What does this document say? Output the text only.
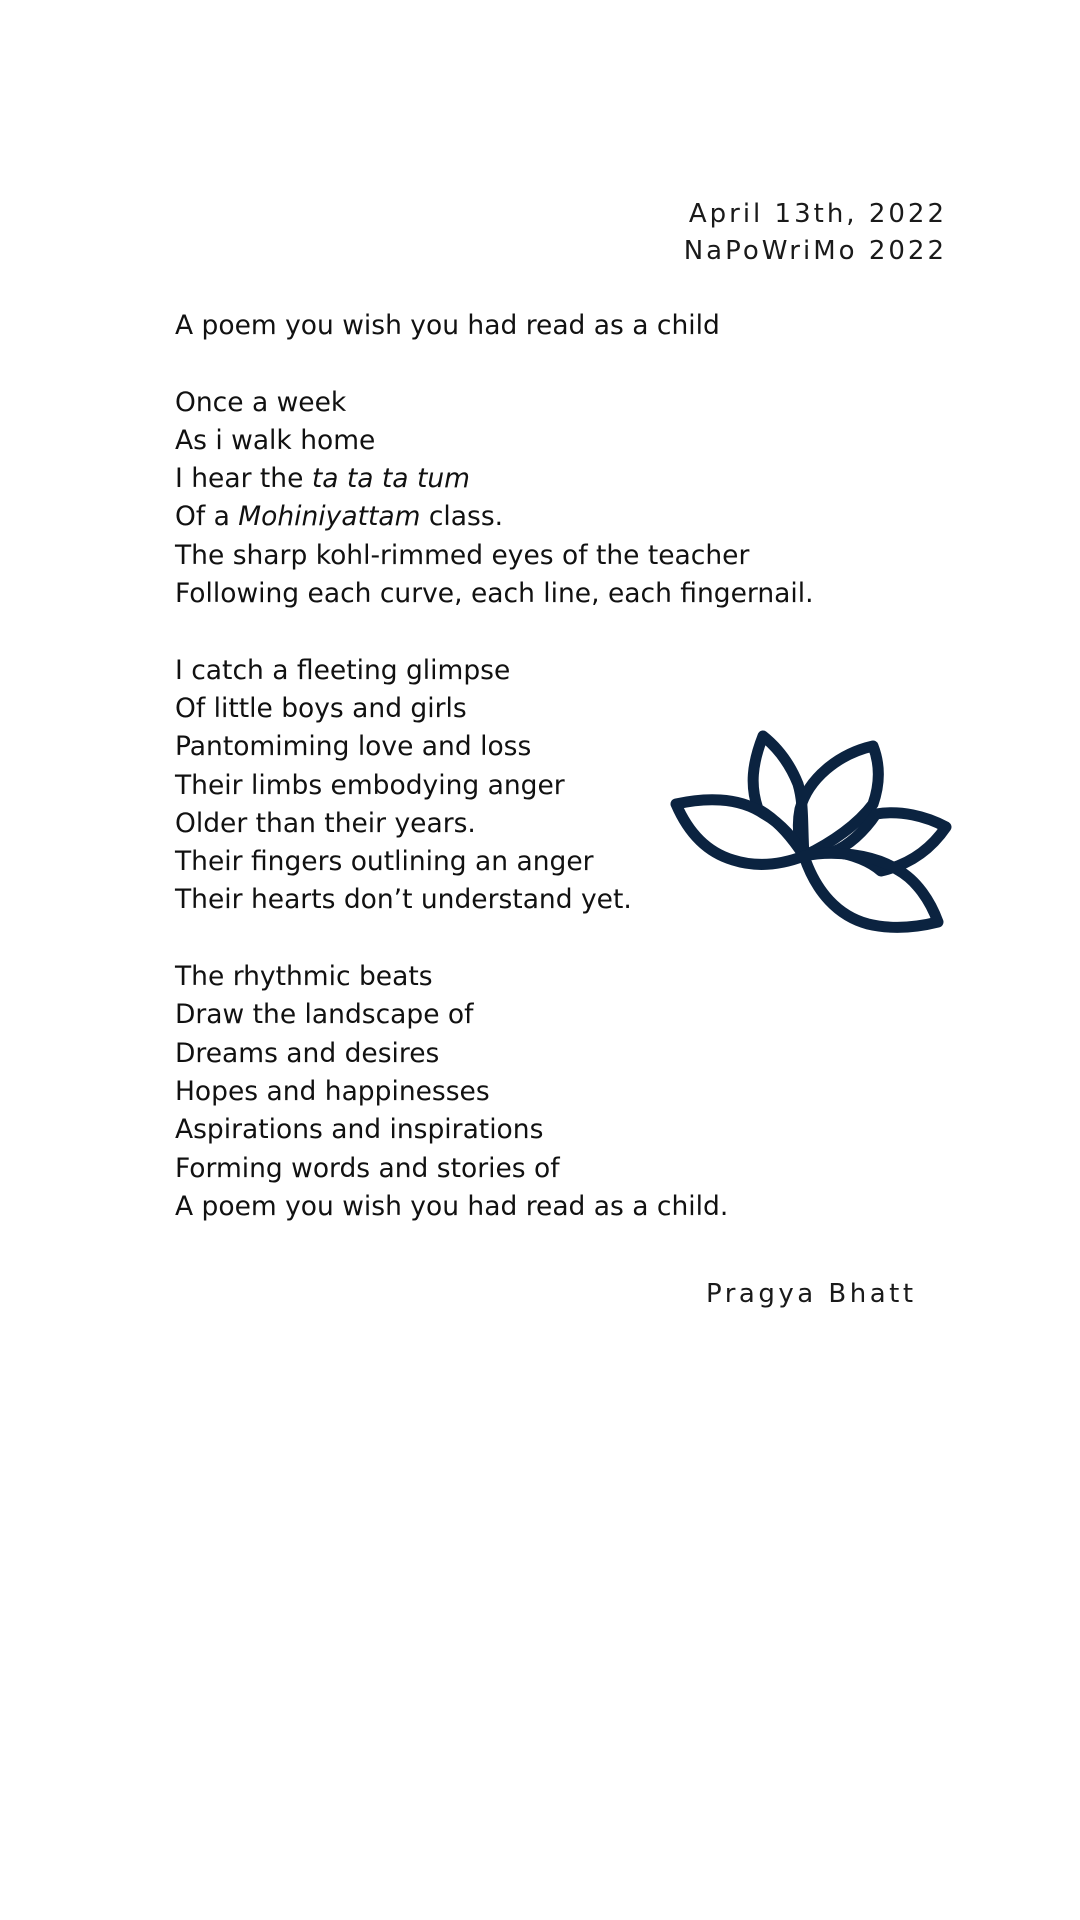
April 13th, 2022
NaPoWriMo 2022
A poem you wish you had read as a child
Once a week
As i walk home
I hear the ta ta ta tum
Of a Mohiniyattam class.
The sharp kohl-rimmed eyes of the teacher
Following each curve, each line, each fingernail.
I catch a fleeting glimpse
Of little boys and girls
Pantomiming love and loss
Their limbs embodying anger
Older than their years.
Their fingers outlining an anger
Their hearts don’t understand yet.
The rhythmic beats
Draw the landscape of
Dreams and desires
Hopes and happinesses
Aspirations and inspirations
Forming words and stories of
A poem you wish you had read as a child.
Pragya Bhatt
